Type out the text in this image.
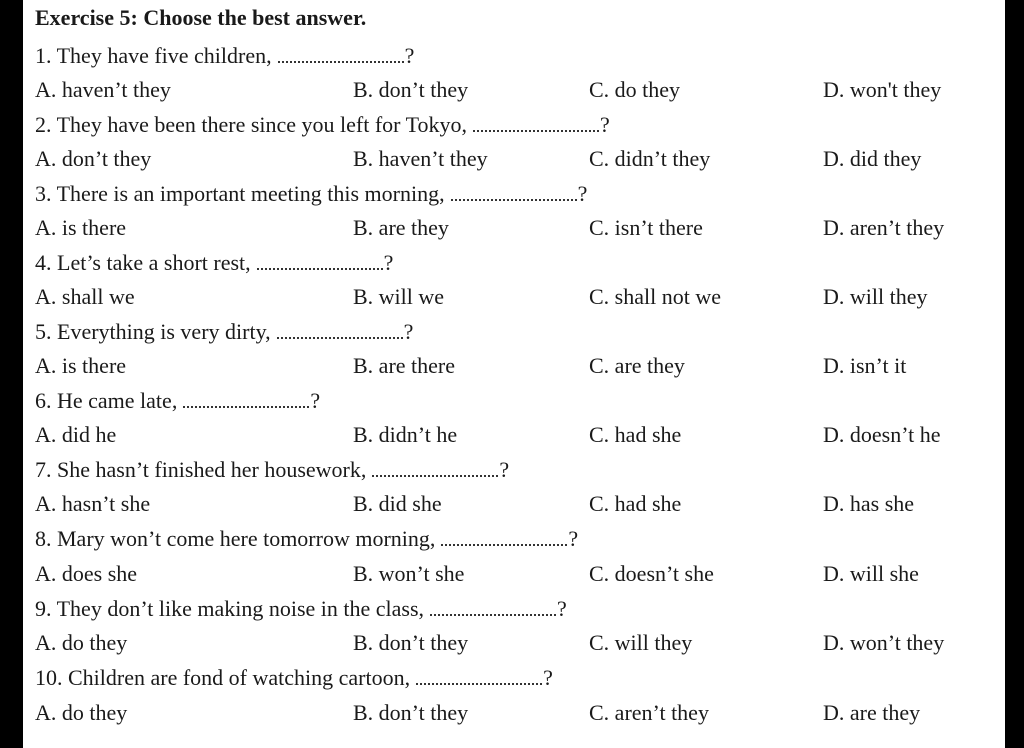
Exercise 5: Choose the best answer.
1. They have five children,	?
A. haven’t they	B. don’t they	C. do they	D. won't they
2. They have been there since you left for Tokyo,	?
A. don’t they	B. haven’t they	C. didn’t they	D. did they
3. There is an important meeting this morning,	?
A. is there	B. are they	C. isn’t there	D. aren’t they
4. Let’s take a short rest,	?
A. shall we	B. will we	C. shall not we	D. will they
5. Everything is very dirty,	?
A. is there	B. are there	C. are they	D. isn’t it
6. He came late,	?
A. did he	B. didn’t he	C. had she	D. doesn’t he
7. She hasn’t finished her housework,	?
A. hasn’t she	B. did she	C. had she	D. has she
8. Mary won’t come here tomorrow morning,	?
A. does she	B. won’t she	C. doesn’t she	D. will she
9. They don’t like making noise in the class,	?
A. do they	B. don’t they	C. will they	D. won’t they
10. Children are fond of watching cartoon,	?
A. do they	B. don’t they	C. aren’t they	D. are they
